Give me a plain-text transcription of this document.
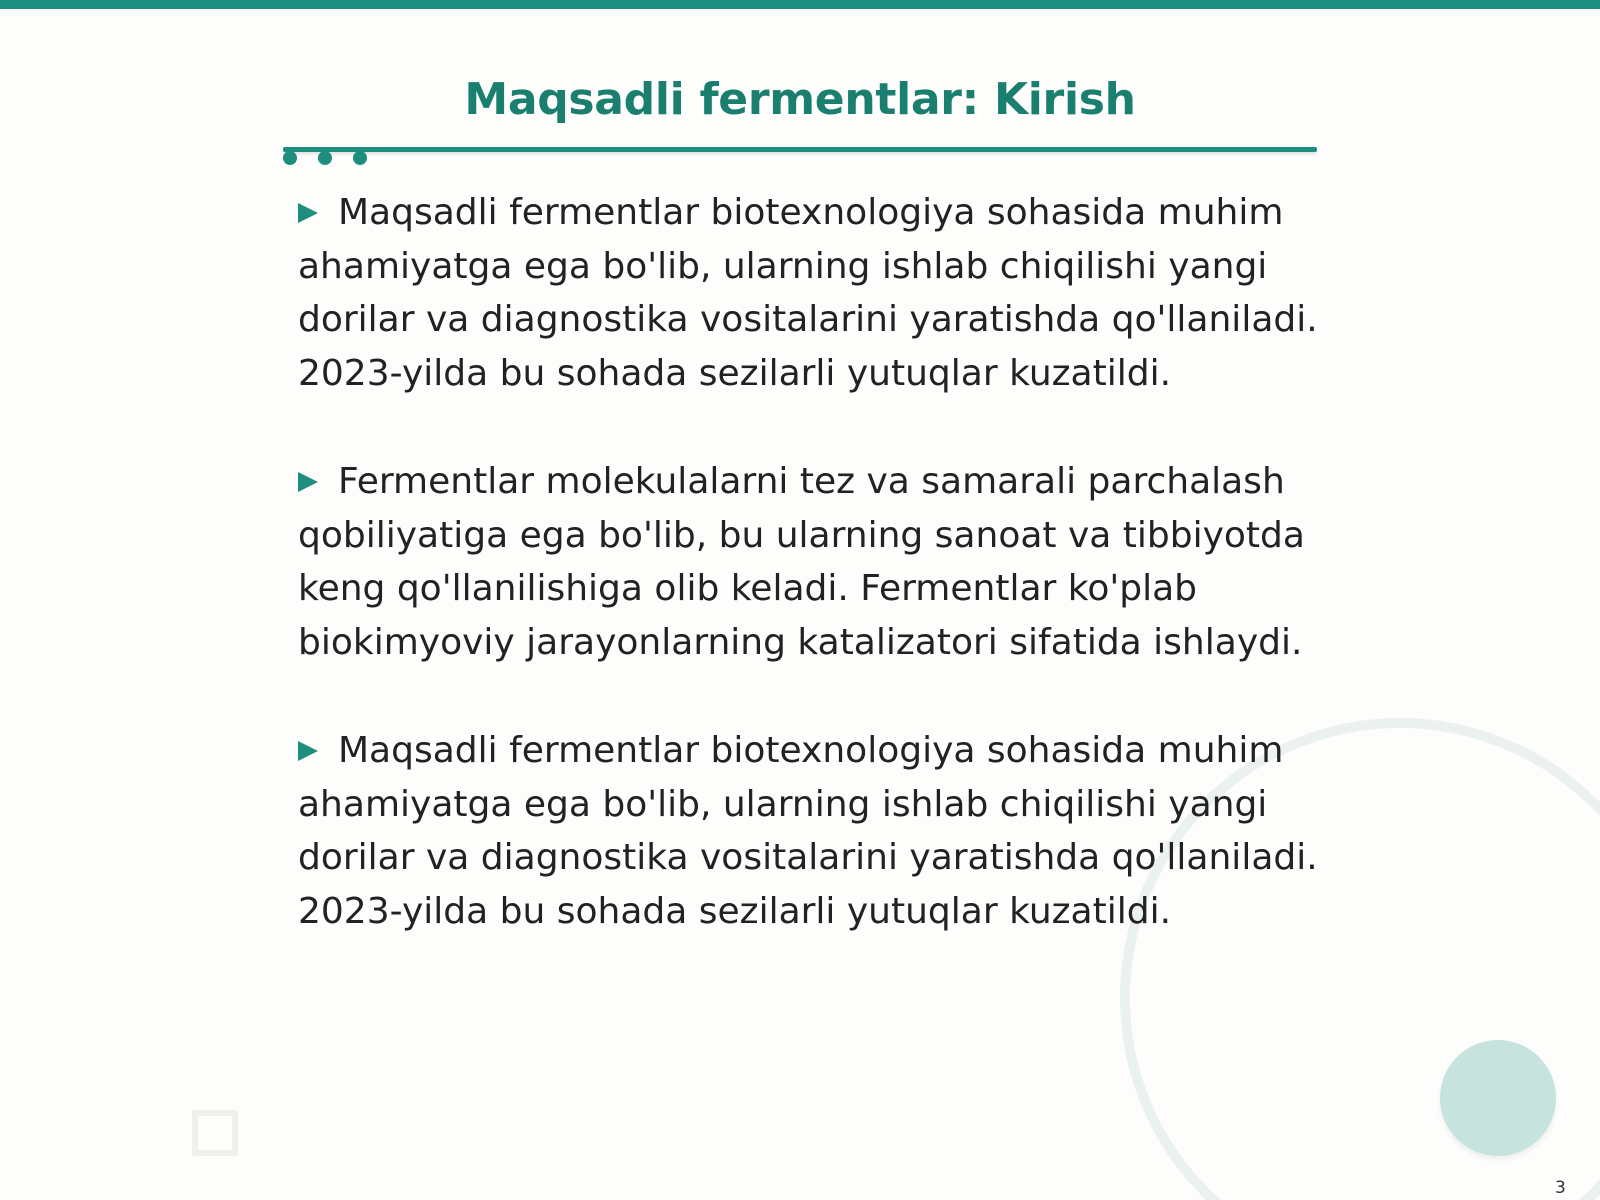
Maqsadli fermentlar: Kirish

Maqsadli fermentlar biotexnologiya sohasida muhim ahamiyatga ega bo'lib, ularning ishlab chiqilishi yangi dorilar va diagnostika vositalarini yaratishda qo'llaniladi. 2023-yilda bu sohada sezilarli yutuqlar kuzatildi.

Fermentlar molekulalarni tez va samarali parchalash qobiliyatiga ega bo'lib, bu ularning sanoat va tibbiyotda keng qo'llanilishiga olib keladi. Fermentlar ko'plab biokimyoviy jarayonlarning katalizatori sifatida ishlaydi.

Maqsadli fermentlar biotexnologiya sohasida muhim ahamiyatga ega bo'lib, ularning ishlab chiqilishi yangi dorilar va diagnostika vositalarini yaratishda qo'llaniladi. 2023-yilda bu sohada sezilarli yutuqlar kuzatildi.

3
